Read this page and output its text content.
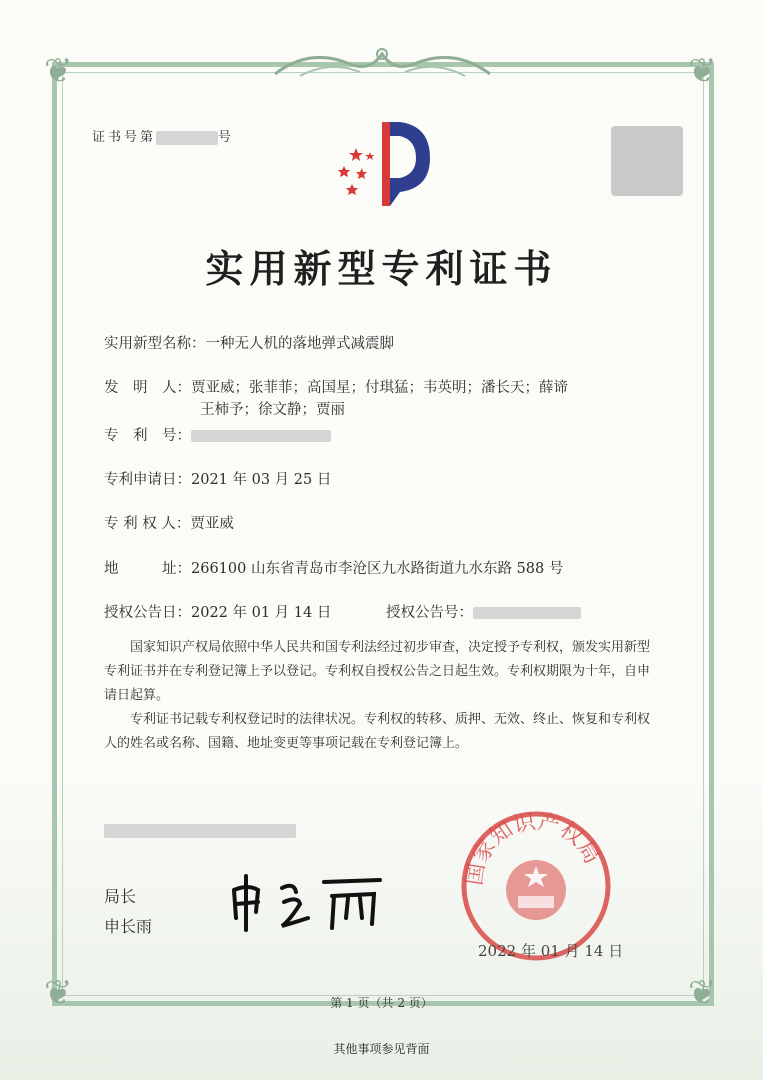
❦	❦
❦	❦
证书号第	号
实用新型专利证书
实用新型名称：一种无人机的落地弹式减震脚
发　明　人：贾亚威；张菲菲；高国星；付琪猛；韦英明；潘长天；薛谛
王柿予；徐文静；贾丽
专　利　号：
专利申请日：2021 年 03 月 25 日
专 利 权 人：贾亚威
地　　　址：266100 山东省青岛市李沧区九水路街道九水东路 588 号
授权公告日：2022 年 01 月 14 日	授权公告号：
国家知识产权局依照中华人民共和国专利法经过初步审查，决定授予专利权，颁发实用新型专利证书并在专利登记簿上予以登记。专利权自授权公告之日起生效。专利权期限为十年，自申请日起算。
专利证书记载专利权登记时的法律状况。专利权的转移、质押、无效、终止、恢复和专利权人的姓名或名称、国籍、地址变更等事项记载在专利登记簿上。
局长
申长雨
国家知识产权局
2022 年 01 月 14 日
第 1 页（共 2 页）
其他事项参见背面
